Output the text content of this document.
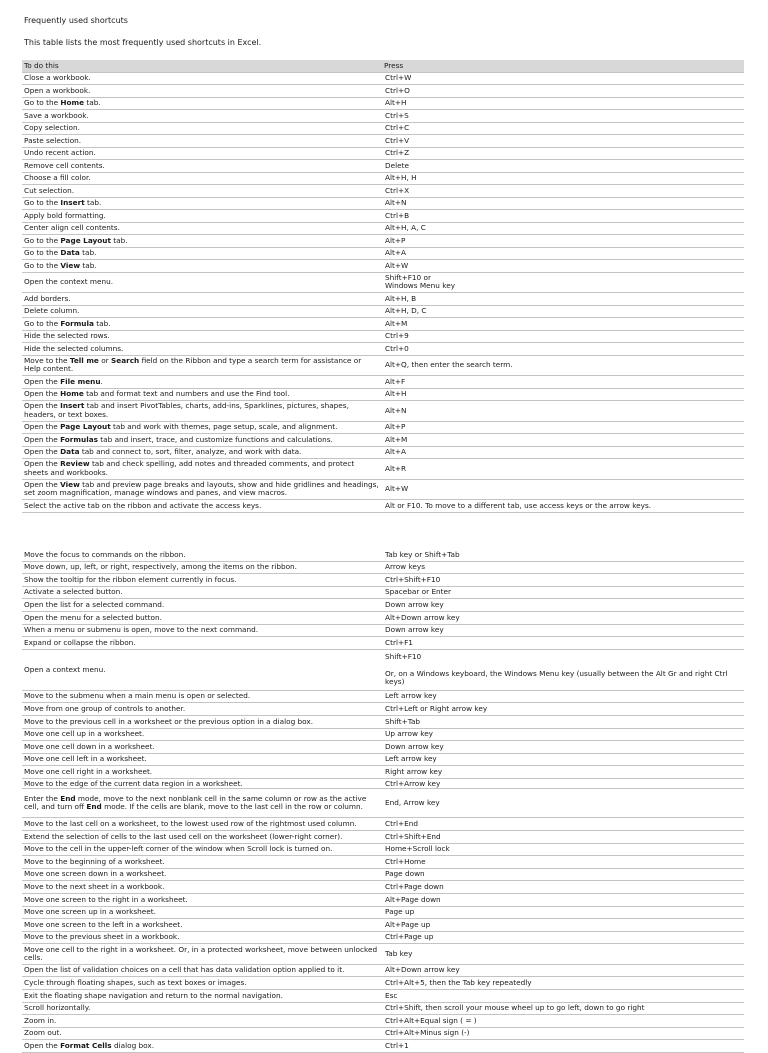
Frequently used shortcuts
This table lists the most frequently used shortcuts in Excel.
To do this	Press
Close a workbook.	Ctrl+W

Open a workbook.	Ctrl+O

Go to the Home tab.	Alt+H

Save a workbook.	Ctrl+S

Copy selection.	Ctrl+C

Paste selection.	Ctrl+V

Undo recent action.	Ctrl+Z

Remove cell contents.	Delete

Choose a fill color.	Alt+H, H

Cut selection.	Ctrl+X

Go to the Insert tab.	Alt+N

Apply bold formatting.	Ctrl+B

Center align cell contents.	Alt+H, A, C

Go to the Page Layout tab.	Alt+P

Go to the Data tab.	Alt+A

Go to the View tab.	Alt+W

Open the context menu.	Shift+F10 or
Windows Menu key

Add borders.	Alt+H, B

Delete column.	Alt+H, D, C

Go to the Formula tab.	Alt+M

Hide the selected rows.	Ctrl+9

Hide the selected columns.	Ctrl+0

Move to the Tell me or Search field on the Ribbon and type a search term for assistance or Help content.	Alt+Q, then enter the search term.

Open the File menu.	Alt+F

Open the Home tab and format text and numbers and use the Find tool.	Alt+H

Open the Insert tab and insert PivotTables, charts, add-ins, Sparklines, pictures, shapes, headers, or text boxes.	Alt+N

Open the Page Layout tab and work with themes, page setup, scale, and alignment.	Alt+P

Open the Formulas tab and insert, trace, and customize functions and calculations.	Alt+M

Open the Data tab and connect to, sort, filter, analyze, and work with data.	Alt+A

Open the Review tab and check spelling, add notes and threaded comments, and protect sheets and workbooks.	Alt+R

Open the View tab and preview page breaks and layouts, show and hide gridlines and headings, set zoom magnification, manage windows and panes, and view macros.	Alt+W

Select the active tab on the ribbon and activate the access keys.	Alt or F10. To move to a different tab, use access keys or the arrow keys.
Move the focus to commands on the ribbon.	Tab key or Shift+Tab

Move down, up, left, or right, respectively, among the items on the ribbon.	Arrow keys

Show the tooltip for the ribbon element currently in focus.	Ctrl+Shift+F10

Activate a selected button.	Spacebar or Enter

Open the list for a selected command.	Down arrow key

Open the menu for a selected button.	Alt+Down arrow key

When a menu or submenu is open, move to the next command.	Down arrow key

Expand or collapse the ribbon.	Ctrl+F1

Open a context menu.	Shift+F10
Or, on a Windows keyboard, the Windows Menu key (usually between the Alt Gr and right Ctrl keys)

Move to the submenu when a main menu is open or selected.	Left arrow key

Move from one group of controls to another.	Ctrl+Left or Right arrow key

Move to the previous cell in a worksheet or the previous option in a dialog box.	Shift+Tab

Move one cell up in a worksheet.	Up arrow key

Move one cell down in a worksheet.	Down arrow key

Move one cell left in a worksheet.	Left arrow key

Move one cell right in a worksheet.	Right arrow key

Move to the edge of the current data region in a worksheet.	Ctrl+Arrow key

Enter the End mode, move to the next nonblank cell in the same column or row as the active cell, and turn off End mode. If the cells are blank, move to the last cell in the row or column.	End, Arrow key

Move to the last cell on a worksheet, to the lowest used row of the rightmost used column.	Ctrl+End

Extend the selection of cells to the last used cell on the worksheet (lower-right corner).	Ctrl+Shift+End

Move to the cell in the upper-left corner of the window when Scroll lock is turned on.	Home+Scroll lock

Move to the beginning of a worksheet.	Ctrl+Home

Move one screen down in a worksheet.	Page down

Move to the next sheet in a workbook.	Ctrl+Page down

Move one screen to the right in a worksheet.	Alt+Page down

Move one screen up in a worksheet.	Page up

Move one screen to the left in a worksheet.	Alt+Page up

Move to the previous sheet in a workbook.	Ctrl+Page up

Move one cell to the right in a worksheet. Or, in a protected worksheet, move between unlocked cells.	Tab key

Open the list of validation choices on a cell that has data validation option applied to it.	Alt+Down arrow key

Cycle through floating shapes, such as text boxes or images.	Ctrl+Alt+5, then the Tab key repeatedly

Exit the floating shape navigation and return to the normal navigation.	Esc

Scroll horizontally.	Ctrl+Shift, then scroll your mouse wheel up to go left, down to go right

Zoom in.	Ctrl+Alt+Equal sign ( = )

Zoom out.	Ctrl+Alt+Minus sign (-)

Open the Format Cells dialog box.	Ctrl+1
